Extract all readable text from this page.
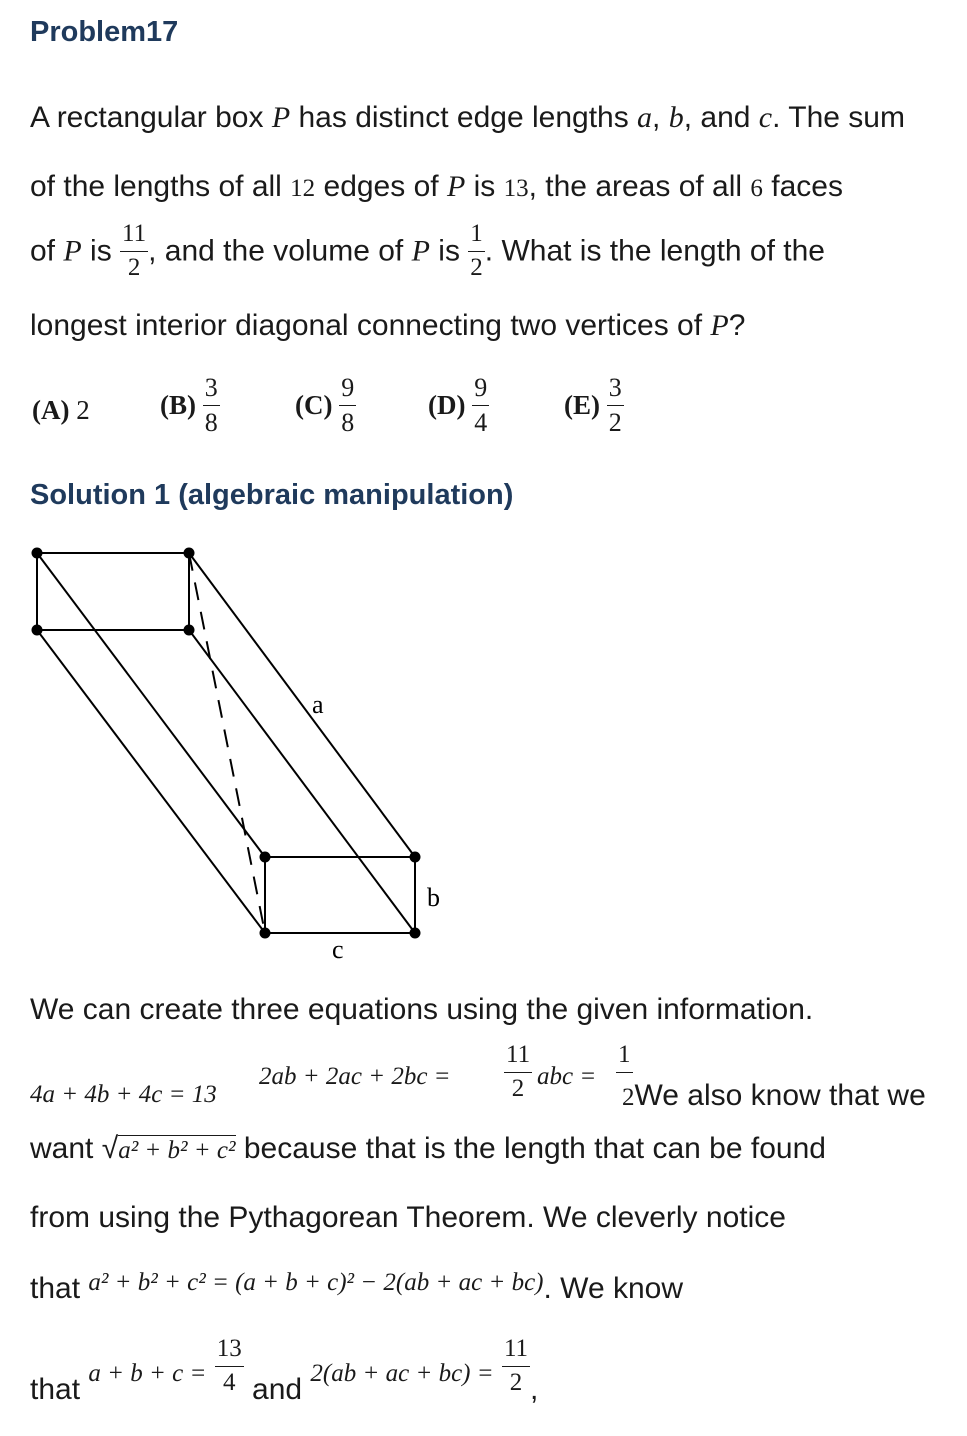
Problem17
A rectangular box P has distinct edge lengths a, b, and c. The sum
of the lengths of all 12 edges of P is 13, the areas of all 6 faces
of P is $\frac{11}{2}$ , and the volume of P is $\frac{1}{2}$ . What is the length of the
longest interior diagonal connecting two vertices of P?
(A) 2	$(B) \frac{3}{8}$	$(C) \frac{9}{8}$	$(D) \frac{9}{4}$	$(E) \frac{3}{2}$
Solution 1 (algebraic manipulation)
a
b
c
We can create three equations using the given information.
4a + 4b + 4c = 13
$2ab + 2ac + 2bc = \frac{11}{2}$ abc =
1
2We also know that we
want √a² + b² + c² because that is the length that can be found
from using the Pythagorean Theorem. We cleverly notice
that $^{a^2 + b^2 + c^2 = (a + b + c)^2 - 2(ab + ac + bc)}$. We know
that $_{a + b + c =} \frac{13}{4}$ and $_{2(ab + ac + bc) =} \frac{11}{2}$ ,
